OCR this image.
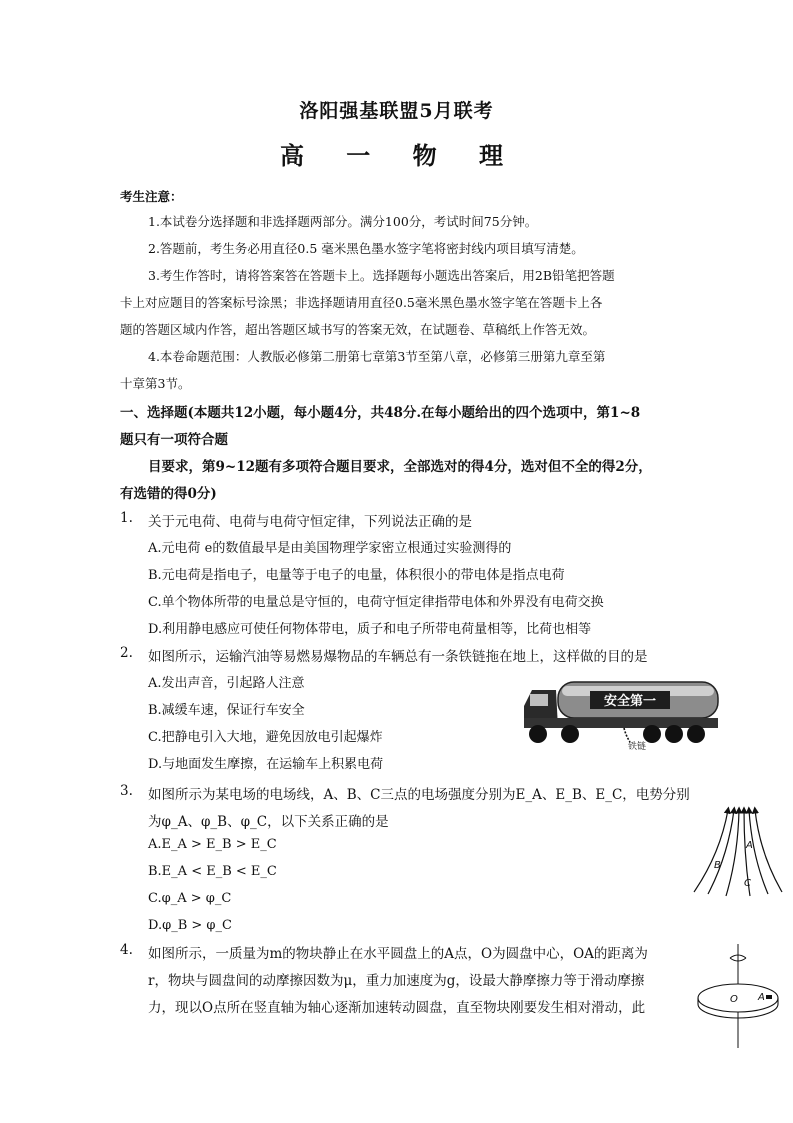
洛阳强基联盟5月联考
高 一 物 理
考生注意：
1.本试卷分选择题和非选择题两部分。满分100分，考试时间75分钟。
2.答题前，考生务必用直径0.5 毫米黑色墨水签字笔将密封线内项目填写清楚。
3.考生作答时，请将答案答在答题卡上。选择题每小题选出答案后，用2B铅笔把答题
卡上对应题目的答案标号涂黑；非选择题请用直径0.5毫米黑色墨水签字笔在答题卡上各
题的答题区域内作答，超出答题区域书写的答案无效，在试题卷、草稿纸上作答无效。
4.本卷命题范围：人教版必修第二册第七章第3节至第八章，必修第三册第九章至第
十章第3节。
一、选择题(本题共12小题，每小题4分，共48分.在每小题给出的四个选项中，第1~8
题只有一项符合题
目要求，第9~12题有多项符合题目要求，全部选对的得4分，选对但不全的得2分，
有选错的得0分)
1. 关于元电荷、电荷与电荷守恒定律，下列说法正确的是
A.元电荷 e的数值最早是由美国物理学家密立根通过实验测得的
B.元电荷是指电子，电量等于电子的电量，体积很小的带电体是指点电荷
C.单个物体所带的电量总是守恒的，电荷守恒定律指带电体和外界没有电荷交换
D.利用静电感应可使任何物体带电，质子和电子所带电荷量相等，比荷也相等
2. 如图所示，运输汽油等易燃易爆物品的车辆总有一条铁链拖在地上，这样做的目的是
A.发出声音，引起路人注意
B.减缓车速，保证行车安全
C.把静电引入大地，避免因放电引起爆炸
D.与地面发生摩擦，在运输车上积累电荷
安全第一
铁链
3. 如图所示为某电场的电场线，A、B、C三点的电场强度分别为E_A、E_B、E_C，电势分别
为φ_A、φ_B、φ_C，以下关系正确的是
A.E_A > E_B > E_C
B.E_A < E_B < E_C
C.φ_A > φ_C
D.φ_B > φ_C
A
B
C
4. 如图所示，一质量为m的物块静止在水平圆盘上的A点，O为圆盘中心，OA的距离为
r，物块与圆盘间的动摩擦因数为μ，重力加速度为g，设最大静摩擦力等于滑动摩擦
力，现以O点所在竖直轴为轴心逐渐加速转动圆盘，直至物块刚要发生相对滑动，此
O A
